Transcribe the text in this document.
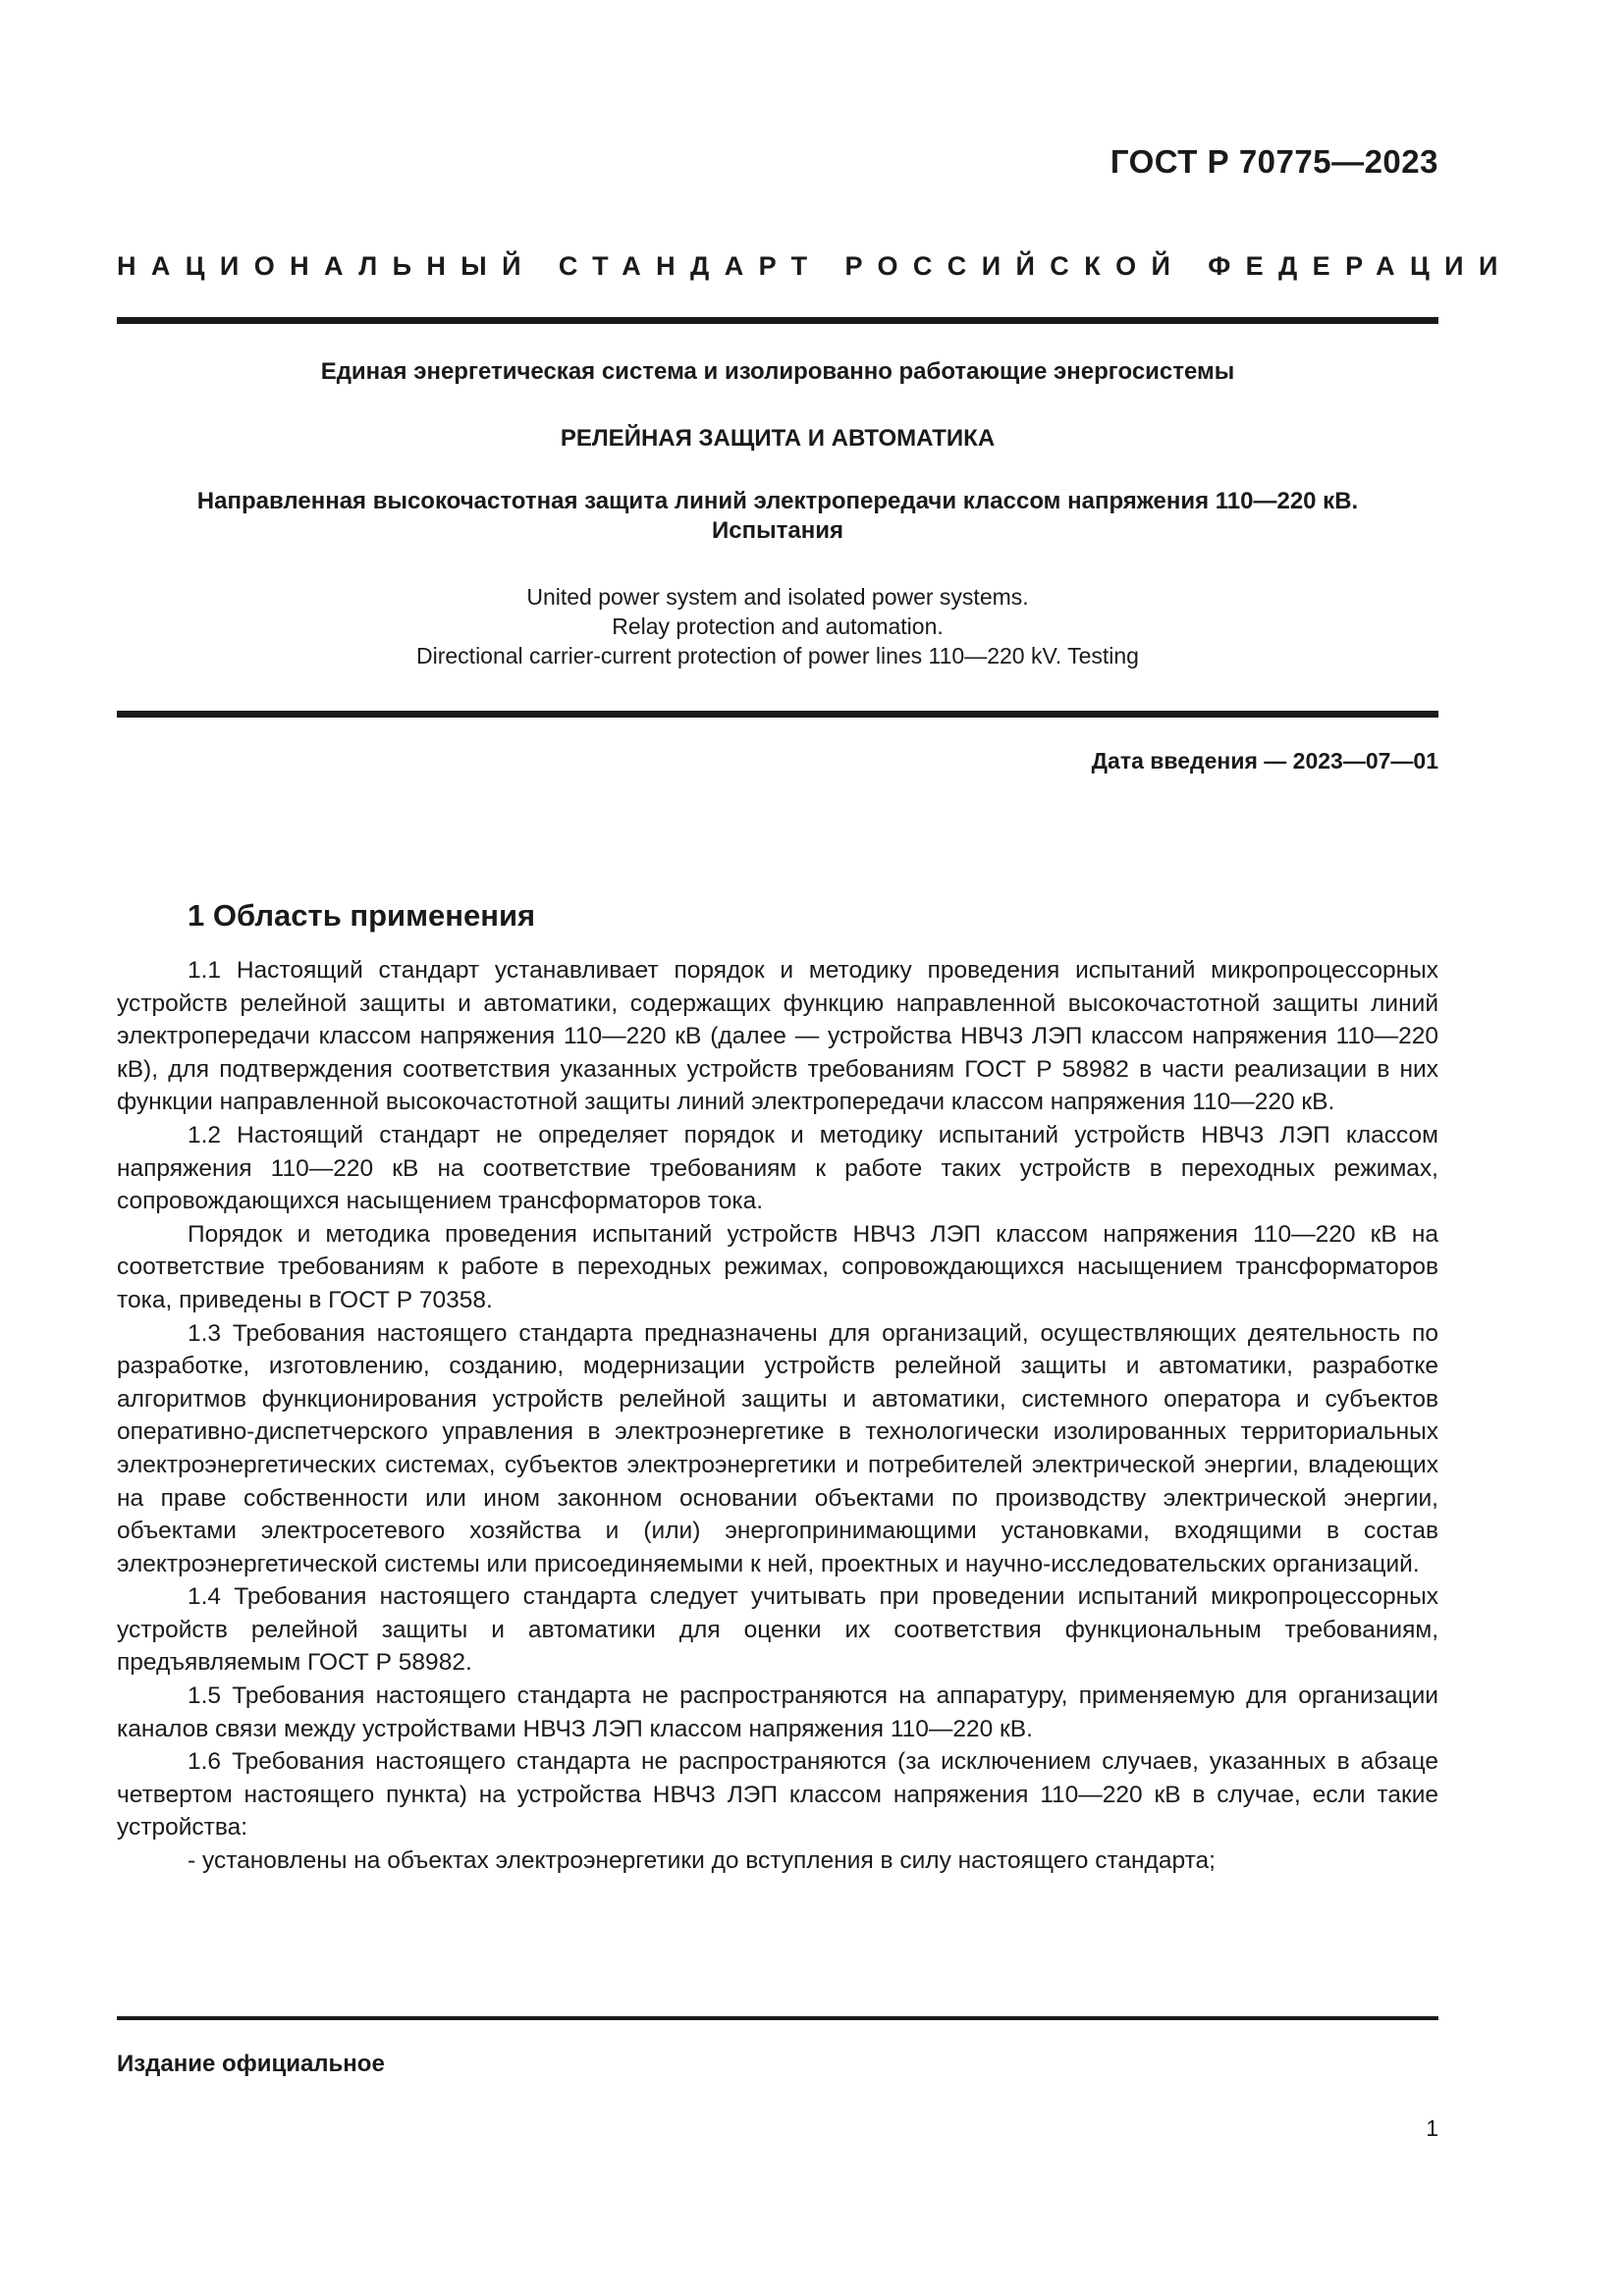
ГОСТ Р 70775—2023
НАЦИОНАЛЬНЫЙ СТАНДАРТ РОССИЙСКОЙ ФЕДЕРАЦИИ
Единая энергетическая система и изолированно работающие энергосистемы
РЕЛЕЙНАЯ ЗАЩИТА И АВТОМАТИКА
Направленная высокочастотная защита линий электропередачи классом напряжения 110—220 кВ.
Испытания
United power system and isolated power systems.
Relay protection and automation.
Directional carrier-current protection of power lines 110—220 kV. Testing
Дата введения — 2023—07—01
1 Область применения

1.1 Настоящий стандарт устанавливает порядок и методику проведения испытаний микропроцессорных устройств релейной защиты и автоматики, содержащих функцию направленной высокочастотной защиты линий электропередачи классом напряжения 110—220 кВ (далее — устройства НВЧЗ ЛЭП классом напряжения 110—220 кВ), для подтверждения соответствия указанных устройств требованиям ГОСТ Р 58982 в части реализации в них функции направленной высокочастотной защиты линий электропередачи классом напряжения 110—220 кВ.

1.2 Настоящий стандарт не определяет порядок и методику испытаний устройств НВЧЗ ЛЭП классом напряжения 110—220 кВ на соответствие требованиям к работе таких устройств в переходных режимах, сопровождающихся насыщением трансформаторов тока.

Порядок и методика проведения испытаний устройств НВЧЗ ЛЭП классом напряжения 110—220 кВ на соответствие требованиям к работе в переходных режимах, сопровождающихся насыщением трансформаторов тока, приведены в ГОСТ Р 70358.

1.3 Требования настоящего стандарта предназначены для организаций, осуществляющих деятельность по разработке, изготовлению, созданию, модернизации устройств релейной защиты и автоматики, разработке алгоритмов функционирования устройств релейной защиты и автоматики, системного оператора и субъектов оперативно-диспетчерского управления в электроэнергетике в технологически изолированных территориальных электроэнергетических системах, субъектов электроэнергетики и потребителей электрической энергии, владеющих на праве собственности или ином законном основании объектами по производству электрической энергии, объектами электросетевого хозяйства и (или) энергопринимающими установками, входящими в состав электроэнергетической системы или присоединяемыми к ней, проектных и научно-исследовательских организаций.

1.4 Требования настоящего стандарта следует учитывать при проведении испытаний микропроцессорных устройств релейной защиты и автоматики для оценки их соответствия функциональным требованиям, предъявляемым ГОСТ Р 58982.

1.5 Требования настоящего стандарта не распространяются на аппаратуру, применяемую для организации каналов связи между устройствами НВЧЗ ЛЭП классом напряжения 110—220 кВ.

1.6 Требования настоящего стандарта не распространяются (за исключением случаев, указанных в абзаце четвертом настоящего пункта) на устройства НВЧЗ ЛЭП классом напряжения 110—220 кВ в случае, если такие устройства:

- установлены на объектах электроэнергетики до вступления в силу настоящего стандарта;

Издание официальное
1
